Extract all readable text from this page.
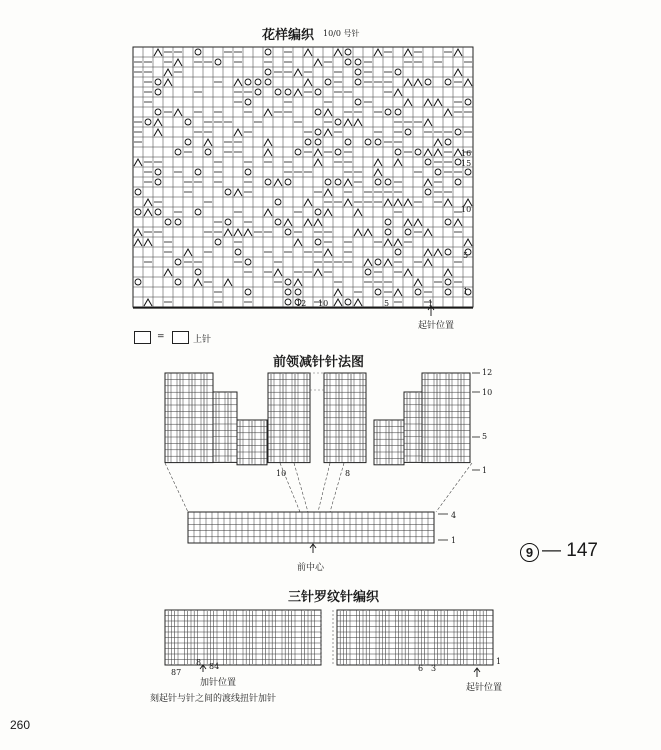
花样编织 10/0 号针
16
15
10
5
1
12 10	5	1
起针位置
=	上针
前领减针针法图
12
10
5
1
10	8
4
1
前中心
9 — 147
三针罗纹针编织
87
84
8
6 3
1
加针位置	起针位置
刻起针与针之间的渡线扭针加针
260
